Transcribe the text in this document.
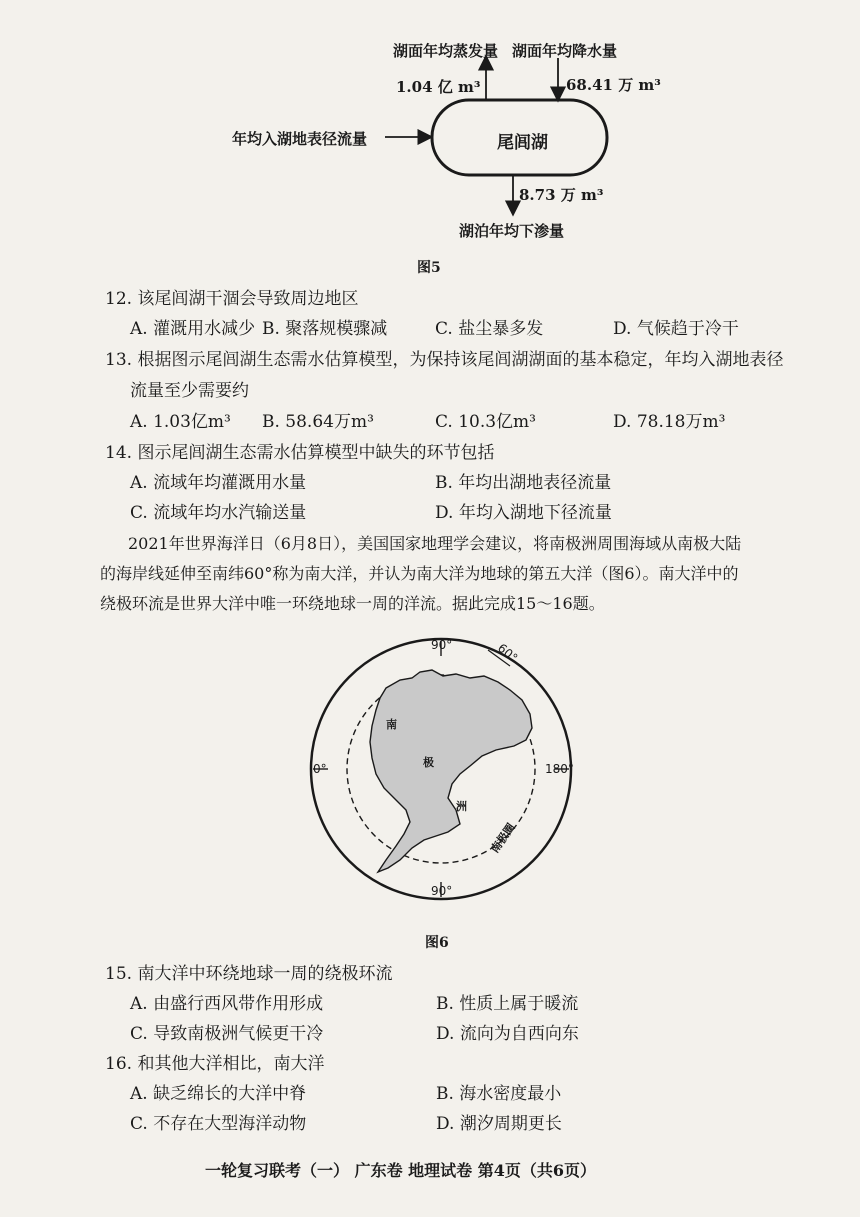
湖面年均蒸发量 湖面年均降水量
1.04 亿 m³	68.41 万 m³
年均入湖地表径流量	尾闾湖
8.73 万 m³
湖泊年均下渗量
图5
12. 该尾闾湖干涸会导致周边地区
A. 灌溉用水减少 B. 聚落规模骤减	C. 盐尘暴多发	D. 气候趋于冷干
13. 根据图示尾闾湖生态需水估算模型，为保持该尾闾湖湖面的基本稳定，年均入湖地表径
流量至少需要约
A. 1.03亿m³ B. 58.64万m³	C. 10.3亿m³	D. 78.18万m³
14. 图示尾闾湖生态需水估算模型中缺失的环节包括
A. 流域年均灌溉用水量	B. 年均出湖地表径流量
C. 流域年均水汽输送量	D. 年均入湖地下径流量
2021年世界海洋日（6月8日），美国国家地理学会建议，将南极洲周围海域从南极大陆
的海岸线延伸至南纬60°称为南大洋，并认为南大洋为地球的第五大洋（图6）。南大洋中的
绕极环流是世界大洋中唯一环绕地球一周的洋流。据此完成15～16题。
90°
90°
0°	180°
60°
南极圈
南
极
洲
图6
15. 南大洋中环绕地球一周的绕极环流
A. 由盛行西风带作用形成	B. 性质上属于暖流
C. 导致南极洲气候更干冷	D. 流向为自西向东
16. 和其他大洋相比，南大洋
A. 缺乏绵长的大洋中脊	B. 海水密度最小
C. 不存在大型海洋动物	D. 潮汐周期更长
一轮复习联考（一） 广东卷 地理试卷 第4页（共6页）
